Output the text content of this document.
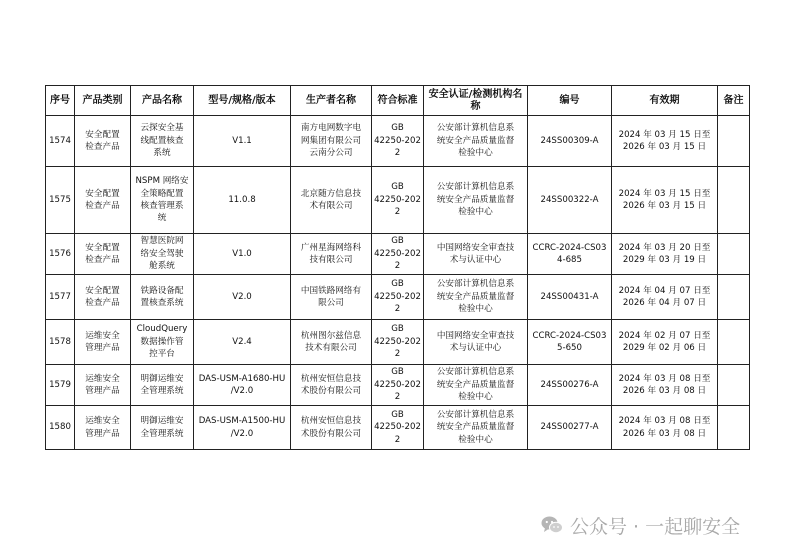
序号	产品类别	产品名称	型号/规格/版本	生产者名称	符合标准	安全认证/检测机构名
称	编号	有效期	备注

1574	安全配置
检查产品	云探安全基
线配置核查
系统	V1.1	南方电网数字电
网集团有限公司
云南分公司	GB
42250-202
2	公安部计算机信息系
统安全产品质量监督
检验中心	24SS00309-A	2024 年 03 月 15 日至
2026 年 03 月 15 日	

1575	安全配置
检查产品	NSPM 网络安
全策略配置
核查管理系
统	11.0.8	北京随方信息技
术有限公司	GB
42250-202
2	公安部计算机信息系
统安全产品质量监督
检验中心	24SS00322-A	2024 年 03 月 15 日至
2026 年 03 月 15 日	

1576	安全配置
检查产品	智慧医院网
络安全驾驶
舱系统	V1.0	广州星海网络科
技有限公司	GB
42250-202
2	中国网络安全审查技
术与认证中心	CCRC-2024-CS03
4-685	2024 年 03 月 20 日至
2029 年 03 月 19 日	

1577	安全配置
检查产品	铁路设备配
置核查系统	V2.0	中国铁路网络有
限公司	GB
42250-202
2	公安部计算机信息系
统安全产品质量监督
检验中心	24SS00431-A	2024 年 04 月 07 日至
2026 年 04 月 07 日	

1578	运维安全
管理产品	CloudQuery
数据操作管
控平台	V2.4	杭州图尔兹信息
技术有限公司	GB
42250-202
2	中国网络安全审查技
术与认证中心	CCRC-2024-CS03
5-650	2024 年 02 月 07 日至
2029 年 02 月 06 日	

1579	运维安全
管理产品	明御运维安
全管理系统	DAS-USM-A1680-HU
/V2.0	杭州安恒信息技
术股份有限公司	GB
42250-202
2	公安部计算机信息系
统安全产品质量监督
检验中心	24SS00276-A	2024 年 03 月 08 日至
2026 年 03 月 08 日	

1580	运维安全
管理产品	明御运维安
全管理系统	DAS-USM-A1500-HU
/V2.0	杭州安恒信息技
术股份有限公司	GB
42250-202
2	公安部计算机信息系
统安全产品质量监督
检验中心	24SS00277-A	2024 年 03 月 08 日至
2026 年 03 月 08 日	

公众号 · 一起聊安全
